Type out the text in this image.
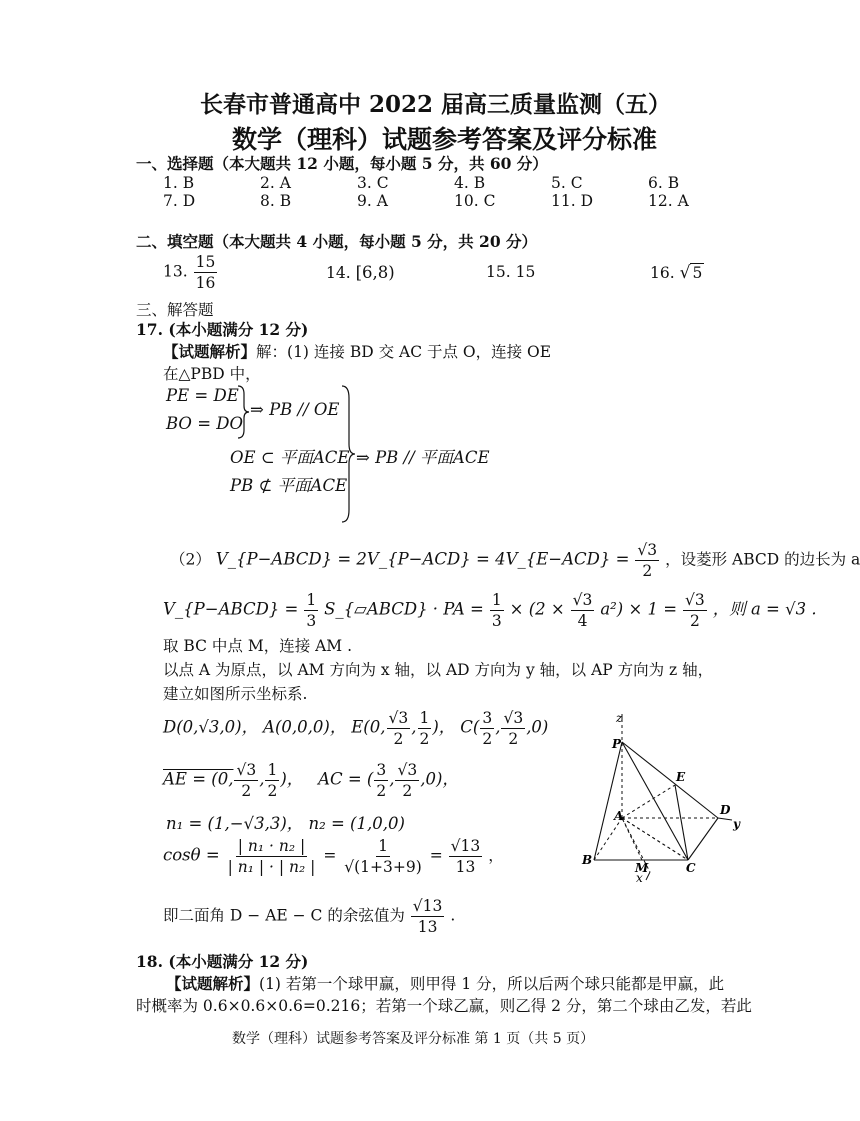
长春市普通高中 2022 届高三质量监测（五）
数学（理科）试题参考答案及评分标准
一、选择题（本大题共 12 小题，每小题 5 分，共 60 分）
1. B	2. A	3. C	4. B	5. C	6. B
7. D	8. B	9. A	10. C	11. D	12. A
二、填空题（本大题共 4 小题，每小题 5 分，共 20 分）
13. $\frac{15}{16}$	14. [6,8)	15. 15	16. √ 5
三、解答题
17. (本小题满分 12 分)
【试题解析】解：(1) 连接 BD 交 AC 于点 O，连接 OE
在△PBD 中，
PE = DE
BO = DO
⇒ PB // OE
OE ⊂ 平面ACE
PB ⊄ 平面ACE
⇒ PB // 平面ACE
（2） V_{P−ABCD} = 2V_{P−ACD} = 4V_{E−ACD} = $\frac{√3}{2}$ ，设菱形 ABCD 的边长为 a
V_{P−ABCD} = $\frac{1}{3}$ S_{▱ABCD} · PA = $\frac{1}{3} \times (2 \times \frac{√3}{4} a^2) \times 1 = \frac{√3}{2}$ ，则 a = √3 .
取 BC 中点 M，连接 AM .
以点 A 为原点，以 AM 方向为 x 轴，以 AD 方向为 y 轴，以 AP 方向为 z 轴，
建立如图所示坐标系.
D(0,√3,0)， A(0,0,0)， E(0, $\frac{√3}{2}$ , $\frac{1}{2}$ )， $C( \frac{3}{2}$ , $\frac{√3}{2} ,0$)
AE = (0, $\frac{√3}{2}$ , $\frac{1}{2}$ )， AC = ( $\frac{3}{2}$ , $\frac{√3}{2} ,0$)，
n₁ = (1,−√3,3)， n₂ = (1,0,0)
$\cos\theta = \frac{\text{| n₁ · n₂ |}}{\text{| n₁ | · | n₂ |}} = \frac{1}{√(1+3+9)} = \frac{√13}{13}$ ，
即二面角 D − AE − C 的余弦值为 $\frac{√13}{13}$ .
z
P
E
D
y
A
B
M	C
x
18. (本小题满分 12 分)
【试题解析】(1) 若第一个球甲赢，则甲得 1 分，所以后两个球只能都是甲赢，此
时概率为 0.6×0.6×0.6=0.216；若第一个球乙赢，则乙得 2 分，第二个球由乙发，若此
数学（理科）试题参考答案及评分标准 第 1 页（共 5 页）
